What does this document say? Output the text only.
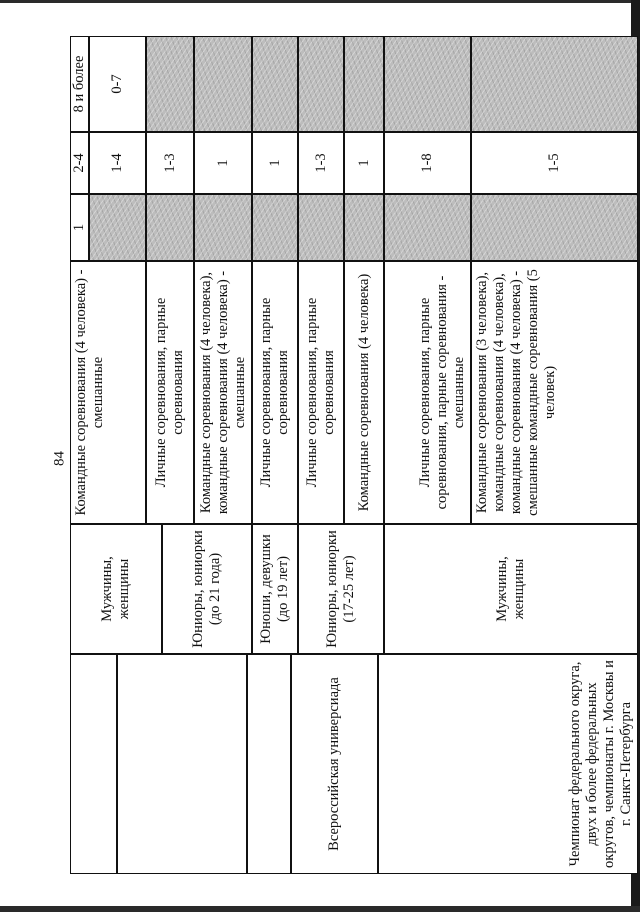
84
Мужчины, женщины
Командные соревнования (4 человека) - смешанные
1
2-4	1-4
8 и более	0-7
Юниоры, юниорки (до 21 года)
Личные соревнования, парные соревнования
1-3
Командные соревнования (4 человека), командные соревнования (4 человека) - смешанные
1
Юноши, девушки (до 19 лет)
Личные соревнования, парные соревнования
1
Всероссийская универсиада
Юниоры, юниорки (17-25 лет)
Личные соревнования, парные соревнования
1-3
Командные соревнования (4 человека)
1
Чемпионат федерального округа, двух и более федеральных округов, чемпионаты г. Москвы и г. Санкт-Петербурга
Мужчины, женщины
Личные соревнования, парные соревнования, парные соревнования - смешанные
1-8
Командные соревнования (3 человека), командные соревнования (4 человека), командные соревнования (4 человека) - смешанные командные соревнования (5 человек)
1-5
